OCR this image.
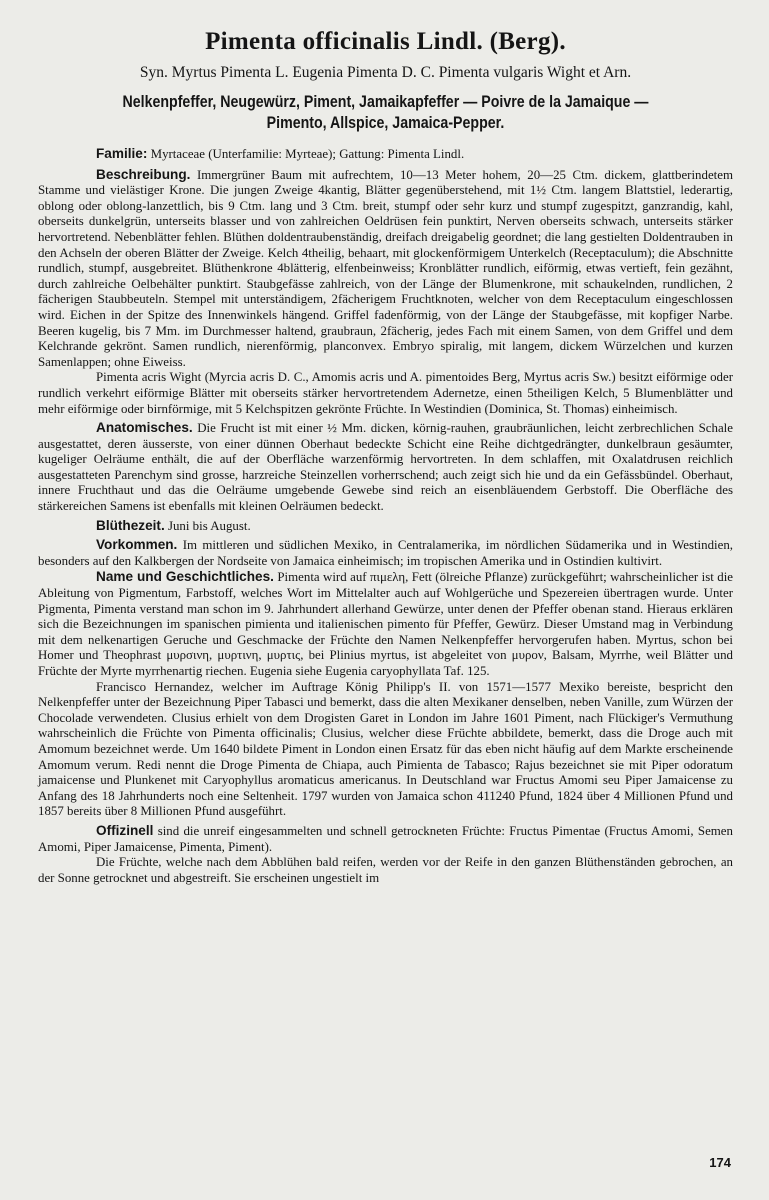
Pimenta officinalis Lindl. (Berg).

Syn. Myrtus Pimenta L. Eugenia Pimenta D. C. Pimenta vulgaris Wight et Arn.

Nelkenpfeffer, Neugewürz, Piment, Jamaikapfeffer — Poivre de la Jamaique —
Pimento, Allspice, Jamaica-Pepper.

Familie: Myrtaceae (Unterfamilie: Myrteae); Gattung: Pimenta Lindl.

Beschreibung. Immergrüner Baum mit aufrechtem, 10—13 Meter hohem, 20—25 Ctm. dickem, glattberindetem Stamme und vielästiger Krone. Die jungen Zweige 4kantig, Blätter gegenüberstehend, mit 1½ Ctm. langem Blattstiel, lederartig, oblong oder oblong-lanzettlich, bis 9 Ctm. lang und 3 Ctm. breit, stumpf oder sehr kurz und stumpf zugespitzt, ganzrandig, kahl, oberseits dunkelgrün, unterseits blasser und von zahlreichen Oeldrüsen fein punktirt, Nerven oberseits schwach, unterseits stärker hervortretend. Nebenblätter fehlen. Blüthen doldentraubenständig, dreifach dreigabelig geordnet; die lang gestielten Doldentrauben in den Achseln der oberen Blätter der Zweige. Kelch 4theilig, behaart, mit glockenförmigem Unterkelch (Receptaculum); die Abschnitte rundlich, stumpf, ausgebreitet. Blüthenkrone 4blätterig, elfenbeinweiss; Kronblätter rundlich, eiförmig, etwas vertieft, fein gezähnt, durch zahlreiche Oelbehälter punktirt. Staubgefässe zahlreich, von der Länge der Blumenkrone, mit schaukelnden, rundlichen, 2 fächerigen Staubbeuteln. Stempel mit unterständigem, 2fächerigem Fruchtknoten, welcher von dem Receptaculum eingeschlossen wird. Eichen in der Spitze des Innenwinkels hängend. Griffel fadenförmig, von der Länge der Staubgefässe, mit kopfiger Narbe. Beeren kugelig, bis 7 Mm. im Durchmesser haltend, graubraun, 2fächerig, jedes Fach mit einem Samen, von dem Griffel und dem Kelchrande gekrönt. Samen rundlich, nierenförmig, planconvex. Embryo spiralig, mit langem, dickem Würzelchen und kurzen Samenlappen; ohne Eiweiss.

Pimenta acris Wight (Myrcia acris D. C., Amomis acris und A. pimentoides Berg, Myrtus acris Sw.) besitzt eiförmige oder rundlich verkehrt eiförmige Blätter mit oberseits stärker hervortretendem Adernetze, einen 5theiligen Kelch, 5 Blumenblätter und mehr eiförmige oder birnförmige, mit 5 Kelchspitzen gekrönte Früchte. In Westindien (Dominica, St. Thomas) einheimisch.

Anatomisches. Die Frucht ist mit einer ½ Mm. dicken, körnig-rauhen, graubräunlichen, leicht zerbrechlichen Schale ausgestattet, deren äusserste, von einer dünnen Oberhaut bedeckte Schicht eine Reihe dichtgedrängter, dunkelbraun gesäumter, kugeliger Oelräume enthält, die auf der Oberfläche warzenförmig hervortreten. In dem schlaffen, mit Oxalatdrusen reichlich ausgestatteten Parenchym sind grosse, harzreiche Steinzellen vorherrschend; auch zeigt sich hie und da ein Gefässbündel. Oberhaut, innere Fruchthaut und das die Oelräume umgebende Gewebe sind reich an eisenbläuendem Gerbstoff. Die Oberfläche des stärkereichen Samens ist ebenfalls mit kleinen Oelräumen bedeckt.

Blüthezeit. Juni bis August.

Vorkommen. Im mittleren und südlichen Mexiko, in Centralamerika, im nördlichen Südamerika und in Westindien, besonders auf den Kalkbergen der Nordseite von Jamaica einheimisch; im tropischen Amerika und in Ostindien kultivirt.

Name und Geschichtliches. Pimenta wird auf πιμελη, Fett (ölreiche Pflanze) zurückgeführt; wahrscheinlicher ist die Ableitung von Pigmentum, Farbstoff, welches Wort im Mittelalter auch auf Wohlgerüche und Spezereien übertragen wurde. Unter Pigmenta, Pimenta verstand man schon im 9. Jahrhundert allerhand Gewürze, unter denen der Pfeffer obenan stand. Hieraus erklären sich die Bezeichnungen im spanischen pimienta und italienischen pimento für Pfeffer, Gewürz. Dieser Umstand mag in Verbindung mit dem nelkenartigen Geruche und Geschmacke der Früchte den Namen Nelkenpfeffer hervorgerufen haben. Myrtus, schon bei Homer und Theophrast μυρσινη, μυρτινη, μυρτις, bei Plinius myrtus, ist abgeleitet von μυρον, Balsam, Myrrhe, weil Blätter und Früchte der Myrte myrrhenartig riechen. Eugenia siehe Eugenia caryophyllata Taf. 125.

Francisco Hernandez, welcher im Auftrage König Philipp's II. von 1571—1577 Mexiko bereiste, bespricht den Nelkenpfeffer unter der Bezeichnung Piper Tabasci und bemerkt, dass die alten Mexikaner denselben, neben Vanille, zum Würzen der Chocolade verwendeten. Clusius erhielt von dem Drogisten Garet in London im Jahre 1601 Piment, nach Flückiger's Vermuthung wahrscheinlich die Früchte von Pimenta officinalis; Clusius, welcher diese Früchte abbildete, bemerkt, dass die Droge auch mit Amomum bezeichnet werde. Um 1640 bildete Piment in London einen Ersatz für das eben nicht häufig auf dem Markte erscheinende Amomum verum. Redi nennt die Droge Pimenta de Chiapa, auch Pimienta de Tabasco; Rajus bezeichnet sie mit Piper odoratum jamaicense und Plunkenet mit Caryophyllus aromaticus americanus. In Deutschland war Fructus Amomi seu Piper Jamaicense zu Anfang des 18 Jahrhunderts noch eine Seltenheit. 1797 wurden von Jamaica schon 411240 Pfund, 1824 über 4 Millionen Pfund und 1857 bereits über 8 Millionen Pfund ausgeführt.

Offizinell sind die unreif eingesammelten und schnell getrockneten Früchte: Fructus Pimentae (Fructus Amomi, Semen Amomi, Piper Jamaicense, Pimenta, Piment).

Die Früchte, welche nach dem Abblühen bald reifen, werden vor der Reife in den ganzen Blüthenständen gebrochen, an der Sonne getrocknet und abgestreift. Sie erscheinen ungestielt im

174
